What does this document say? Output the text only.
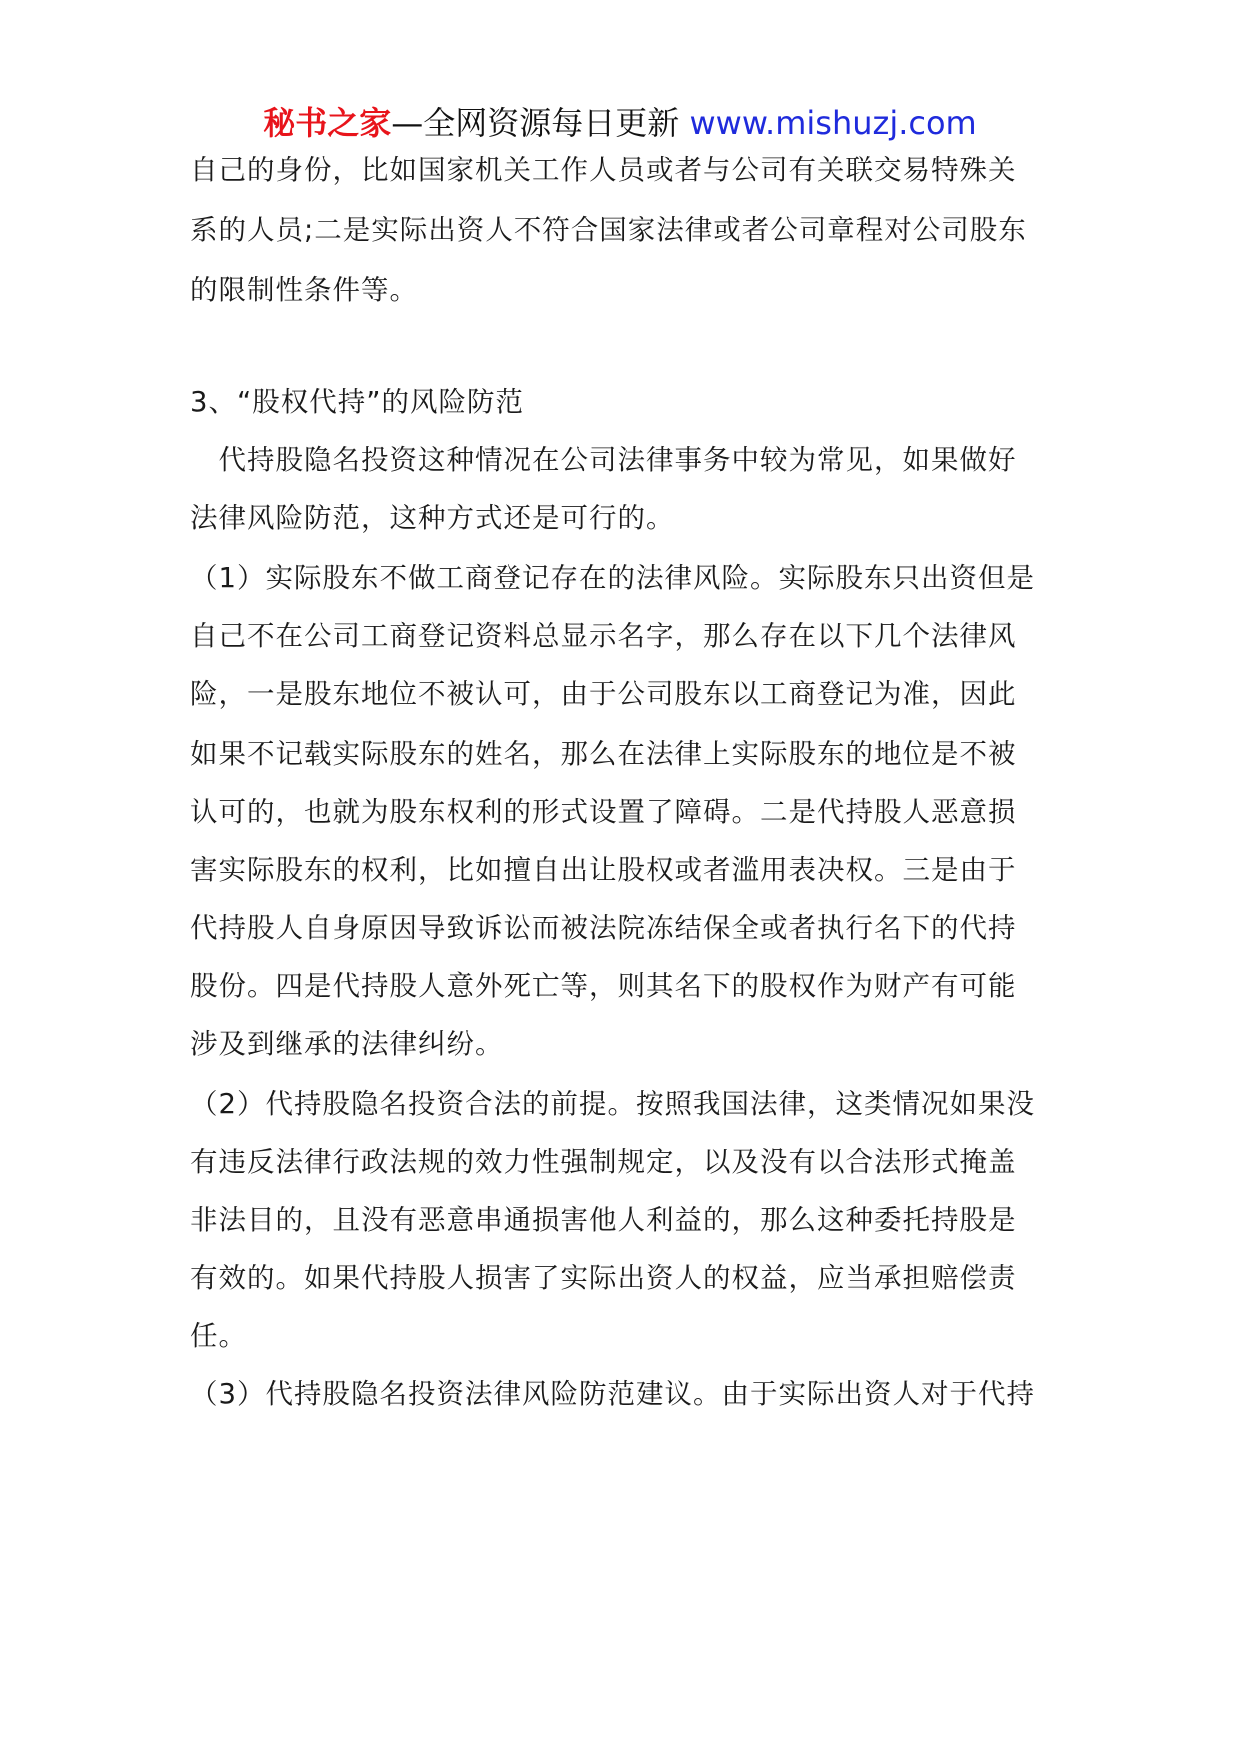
秘书之家—全网资源每日更新 www.mishuzj.com
自己的身份，比如国家机关工作人员或者与公司有关联交易特殊关
系的人员;二是实际出资人不符合国家法律或者公司章程对公司股东
的限制性条件等。
3、“股权代持”的风险防范
　代持股隐名投资这种情况在公司法律事务中较为常见，如果做好
法律风险防范，这种方式还是可行的。
（1）实际股东不做工商登记存在的法律风险。实际股东只出资但是
自己不在公司工商登记资料总显示名字，那么存在以下几个法律风
险，一是股东地位不被认可，由于公司股东以工商登记为准，因此
如果不记载实际股东的姓名，那么在法律上实际股东的地位是不被
认可的，也就为股东权利的形式设置了障碍。二是代持股人恶意损
害实际股东的权利，比如擅自出让股权或者滥用表决权。三是由于
代持股人自身原因导致诉讼而被法院冻结保全或者执行名下的代持
股份。四是代持股人意外死亡等，则其名下的股权作为财产有可能
涉及到继承的法律纠纷。
（2）代持股隐名投资合法的前提。按照我国法律，这类情况如果没
有违反法律行政法规的效力性强制规定，以及没有以合法形式掩盖
非法目的，且没有恶意串通损害他人利益的，那么这种委托持股是
有效的。如果代持股人损害了实际出资人的权益，应当承担赔偿责
任。
（3）代持股隐名投资法律风险防范建议。由于实际出资人对于代持
